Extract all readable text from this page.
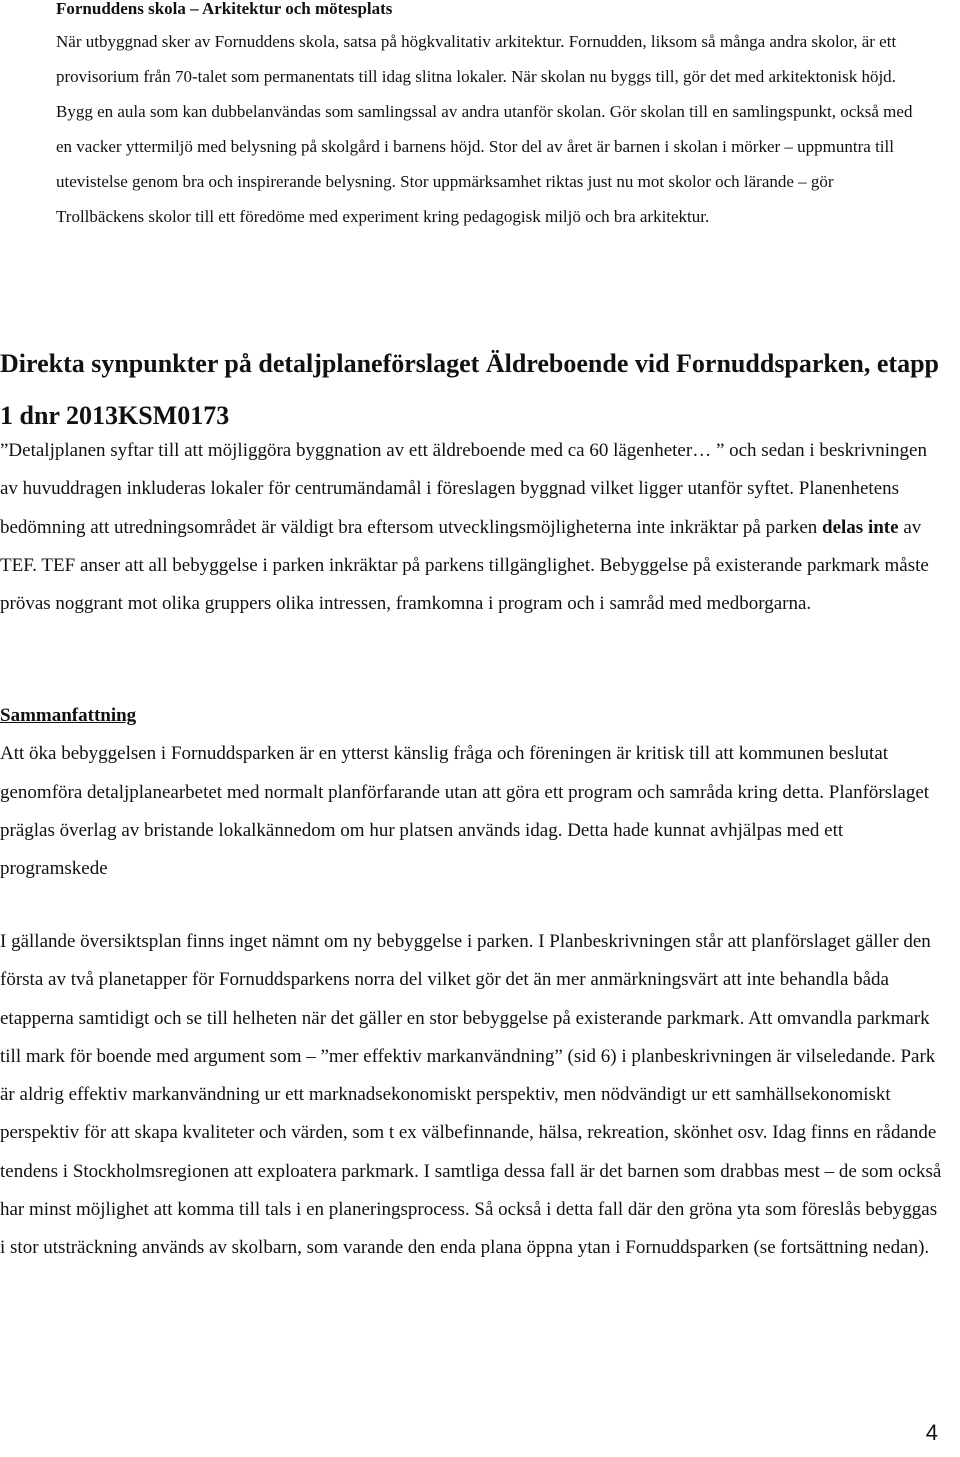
Fornuddens skola – Arkitektur och mötesplats
När utbyggnad sker av Fornuddens skola, satsa på högkvalitativ arkitektur. Fornudden, liksom så många andra skolor, är ett provisorium från 70-talet som permanentats till idag slitna lokaler. När skolan nu byggs till, gör det med arkitektonisk höjd. Bygg en aula som kan dubbelanvändas som samlingssal av andra utanför skolan. Gör skolan till en samlingspunkt, också med en vacker yttermiljö med belysning på skolgård i barnens höjd. Stor del av året är barnen i skolan i mörker – uppmuntra till utevistelse genom bra och inspirerande belysning. Stor uppmärksamhet riktas just nu mot skolor och lärande – gör Trollbäckens skolor till ett föredöme med experiment kring pedagogisk miljö och bra arkitektur.
Direkta synpunkter på detaljplaneförslaget Äldreboende vid Fornuddsparken, etapp 1 dnr 2013KSM0173
”Detaljplanen syftar till att möjliggöra byggnation av ett äldreboende med ca 60 lägenheter… ” och sedan i beskrivningen av huvuddragen inkluderas lokaler för centrumändamål i föreslagen byggnad vilket ligger utanför syftet. Planenhetens bedömning att utredningsområdet är väldigt bra eftersom utvecklingsmöjligheterna inte inkräktar på parken delas inte av TEF. TEF anser att all bebyggelse i parken inkräktar på parkens tillgänglighet. Bebyggelse på existerande parkmark måste prövas noggrant mot olika gruppers olika intressen, framkomna i program och i samråd med medborgarna.
Sammanfattning
Att öka bebyggelsen i Fornuddsparken är en ytterst känslig fråga och föreningen är kritisk till att kommunen beslutat genomföra detaljplanearbetet med normalt planförfarande utan att göra ett program och samråda kring detta. Planförslaget präglas överlag av bristande lokalkännedom om hur platsen används idag. Detta hade kunnat avhjälpas med ett programskede
I gällande översiktsplan finns inget nämnt om ny bebyggelse i parken. I Planbeskrivningen står att planförslaget gäller den första av två planetapper för Fornuddsparkens norra del vilket gör det än mer anmärkningsvärt att inte behandla båda etapperna samtidigt och se till helheten när det gäller en stor bebyggelse på existerande parkmark. Att omvandla parkmark till mark för boende med argument som – ”mer effektiv markanvändning” (sid 6) i planbeskrivningen är vilseledande. Park är aldrig effektiv markanvändning ur ett marknadsekonomiskt perspektiv, men nödvändigt ur ett samhällsekonomiskt perspektiv för att skapa kvaliteter och värden, som t ex välbefinnande, hälsa, rekreation, skönhet osv. Idag finns en rådande tendens i Stockholmsregionen att exploatera parkmark. I samtliga dessa fall är det barnen som drabbas mest – de som också har minst möjlighet att komma till tals i en planeringsprocess. Så också i detta fall där den gröna yta som föreslås bebyggas i stor utsträckning används av skolbarn, som varande den enda plana öppna ytan i Fornuddsparken (se fortsättning nedan).
4
